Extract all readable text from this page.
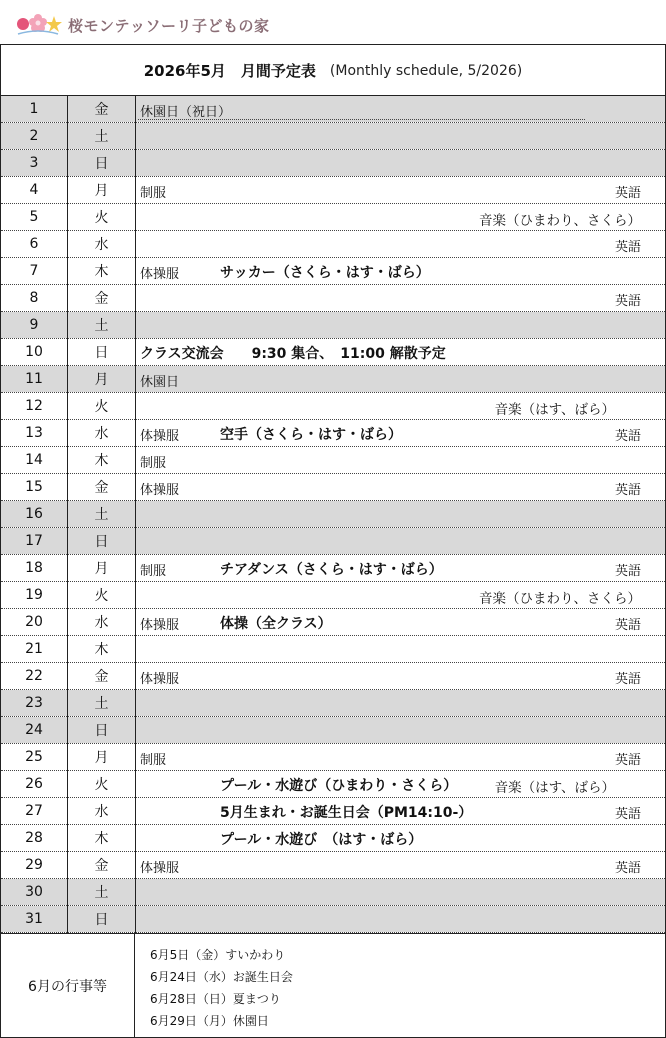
桜モンテッソーリ子どもの家
2026年5月　月間予定表 (Monthly schedule, 5/2026)
1	金	休園日（祝日）

2	土	

3	日	

4	月	制服 英語

5	火	音楽（ひまわり、さくら）

6	水	英語

7	木	体操服 サッカー（さくら・はす・ばら）

8	金	英語

9	土	

10	日	クラス交流会　　9:30 集合、　11:00 解散予定

11	月	休園日

12	火	音楽（はす、ばら）

13	水	体操服 空手（さくら・はす・ばら） 英語

14	木	制服

15	金	体操服 英語

16	土	

17	日	

18	月	制服 チアダンス（さくら・はす・ばら） 英語

19	火	音楽（ひまわり、さくら）

20	水	体操服 体操（全クラス） 英語

21	木	

22	金	体操服 英語

23	土	

24	日	

25	月	制服 英語

26	火	プール・水遊び（ひまわり・さくら） 音楽（はす、ばら）

27	水	5月生まれ・お誕生日会（PM14:10-） 英語

28	木	プール・水遊び　（はす・ばら）

29	金	体操服 英語

30	土	

31	日	
6月の行事等
6月5日（金）すいかわり
6月24日（水）お誕生日会
6月28日（日）夏まつり
6月29日（月）休園日
